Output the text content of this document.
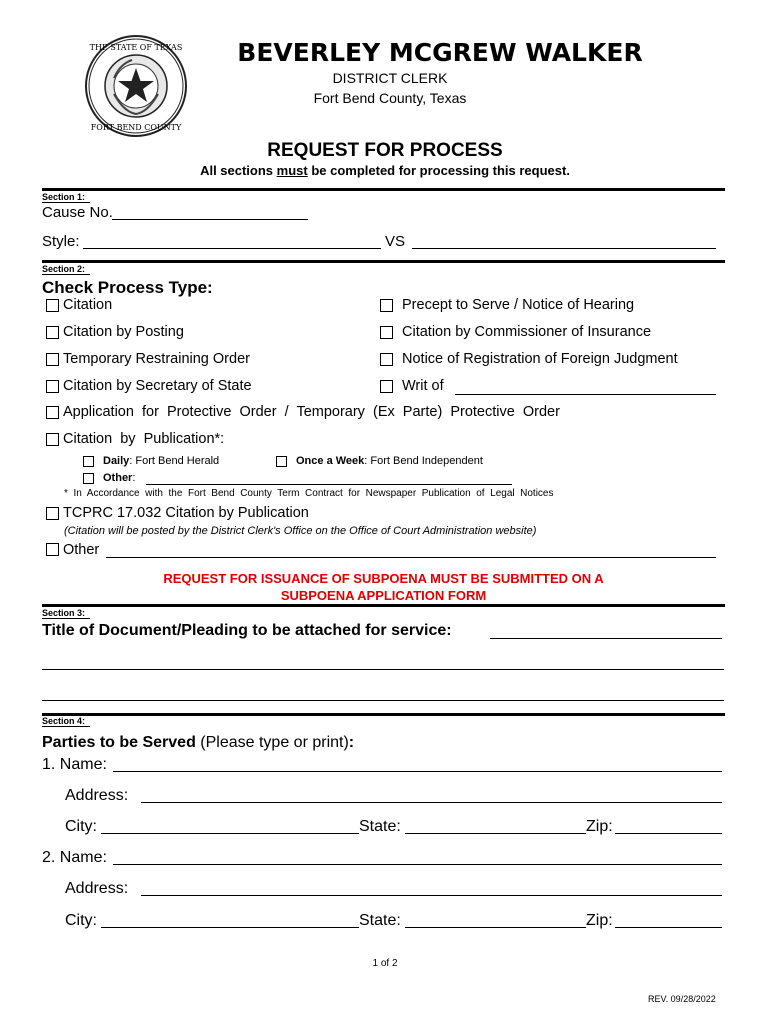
THE STATE OF TEXAS
FORT BEND COUNTY
BEVERLEY MCGREW WALKER
DISTRICT CLERK
Fort Bend County, Texas
REQUEST FOR PROCESS
All sections must be completed for processing this request.
Section 1:
Cause No.
Style:	VS
Section 2:
Check Process Type:
Citation
Citation by Posting
Temporary Restraining Order
Citation by Secretary of State
Precept to Serve / Notice of Hearing
Citation by Commissioner of Insurance
Notice of Registration of Foreign Judgment
Writ of
Application  for  Protective  Order  /  Temporary  (Ex  Parte)  Protective  Order
Citation  by  Publication*:
Daily: Fort Bend Herald	Once a Week: Fort Bend Independent
Other:
*  In  Accordance  with  the  Fort  Bend  County  Term  Contract  for  Newspaper  Publication  of  Legal  Notices
TCPRC 17.032 Citation by Publication
(Citation will be posted by the District Clerk's Office on the Office of Court Administration website)
Other
REQUEST FOR ISSUANCE OF SUBPOENA MUST BE SUBMITTED ON A
SUBPOENA APPLICATION FORM
Section 3:
Title of Document/Pleading to be attached for service:
Section 4:
Parties to be Served (Please type or print):
1. Name:
Address:
City:	State:	Zip:
2. Name:
Address:
City:	State:	Zip:
1 of 2
REV. 09/28/2022
